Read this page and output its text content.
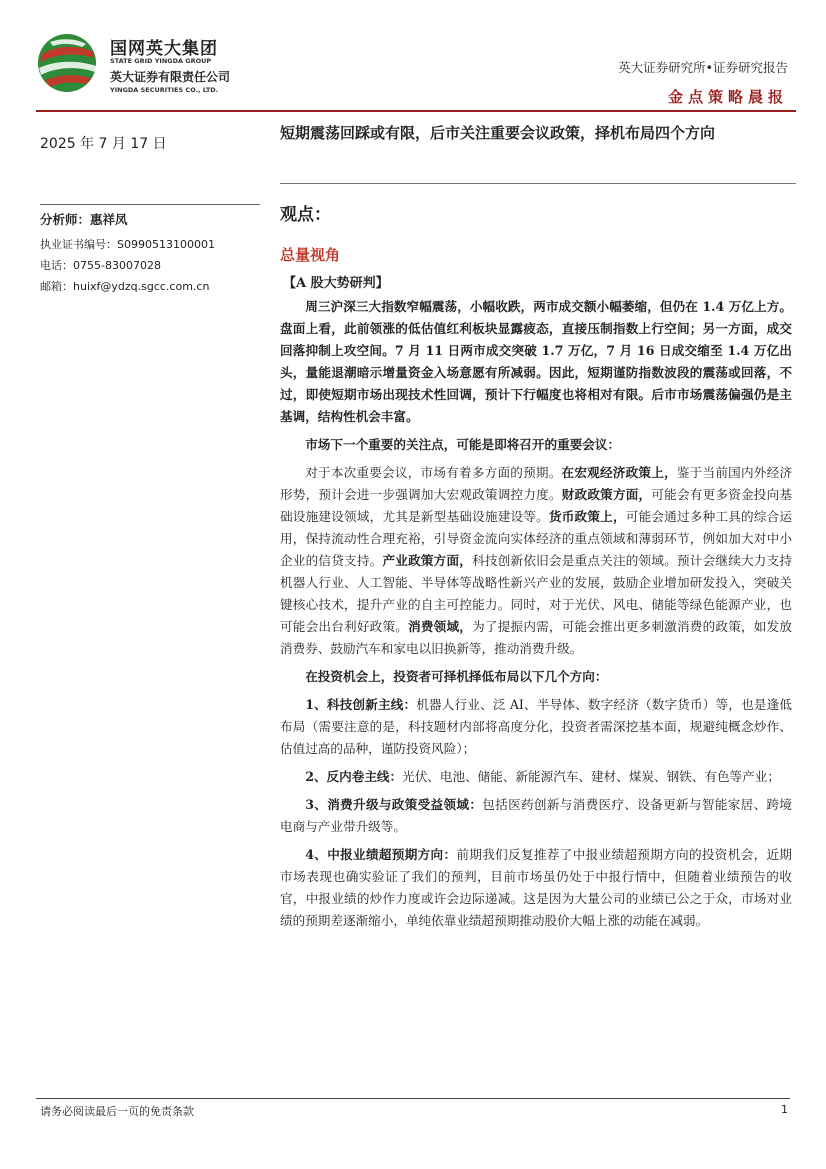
国网英大集团
STATE GRID YINGDA GROUP
英大证券有限责任公司
YINGDA SECURITIES CO., LTD.
英大证券研究所•证券研究报告
金点策略晨报
2025 年 7 月 17 日
分析师：惠祥凤
执业证书编号：S0990513100001
电话：0755-83007028
邮箱：huixf@ydzq.sgcc.com.cn
短期震荡回踩或有限，后市关注重要会议政策，择机布局四个方向
观点：
总量视角
【A 股大势研判】

周三沪深三大指数窄幅震荡，小幅收跌，两市成交额小幅萎缩，但仍在 1.4 万亿上方。盘面上看，此前领涨的低估值红利板块显露疲态，直接压制指数上行空间；另一方面，成交回落抑制上攻空间。7 月 11 日两市成交突破 1.7 万亿，7 月 16 日成交缩至 1.4 万亿出头，量能退潮暗示增量资金入场意愿有所减弱。因此，短期谨防指数波段的震荡或回落，不过，即使短期市场出现技术性回调，预计下行幅度也将相对有限。后市市场震荡偏强仍是主基调，结构性机会丰富。

市场下一个重要的关注点，可能是即将召开的重要会议：

对于本次重要会议，市场有着多方面的预期。在宏观经济政策上，鉴于当前国内外经济形势，预计会进一步强调加大宏观政策调控力度。财政政策方面，可能会有更多资金投向基础设施建设领域，尤其是新型基础设施建设等。货币政策上，可能会通过多种工具的综合运用，保持流动性合理充裕，引导资金流向实体经济的重点领域和薄弱环节，例如加大对中小企业的信贷支持。产业政策方面，科技创新依旧会是重点关注的领域。预计会继续大力支持机器人行业、人工智能、半导体等战略性新兴产业的发展，鼓励企业增加研发投入，突破关键核心技术，提升产业的自主可控能力。同时，对于光伏、风电、储能等绿色能源产业，也可能会出台利好政策。消费领域，为了提振内需，可能会推出更多刺激消费的政策，如发放消费券、鼓励汽车和家电以旧换新等，推动消费升级。

在投资机会上，投资者可择机择低布局以下几个方向：

1、科技创新主线：机器人行业、泛 AI、半导体、数字经济（数字货币）等，也是逢低布局（需要注意的是，科技题材内部将高度分化，投资者需深挖基本面，规避纯概念炒作、估值过高的品种，谨防投资风险）；

2、反内卷主线：光伏、电池、储能、新能源汽车、建材、煤炭、钢铁、有色等产业；

3、消费升级与政策受益领域：包括医药创新与消费医疗、设备更新与智能家居、跨境电商与产业带升级等。

4、中报业绩超预期方向：前期我们反复推荐了中报业绩超预期方向的投资机会，近期市场表现也确实验证了我们的预判，目前市场虽仍处于中报行情中，但随着业绩预告的收官，中报业绩的炒作力度或许会边际递减。这是因为大量公司的业绩已公之于众，市场对业绩的预期差逐渐缩小，单纯依靠业绩超预期推动股价大幅上涨的动能在减弱。

请务必阅读最后一页的免责条款	1
